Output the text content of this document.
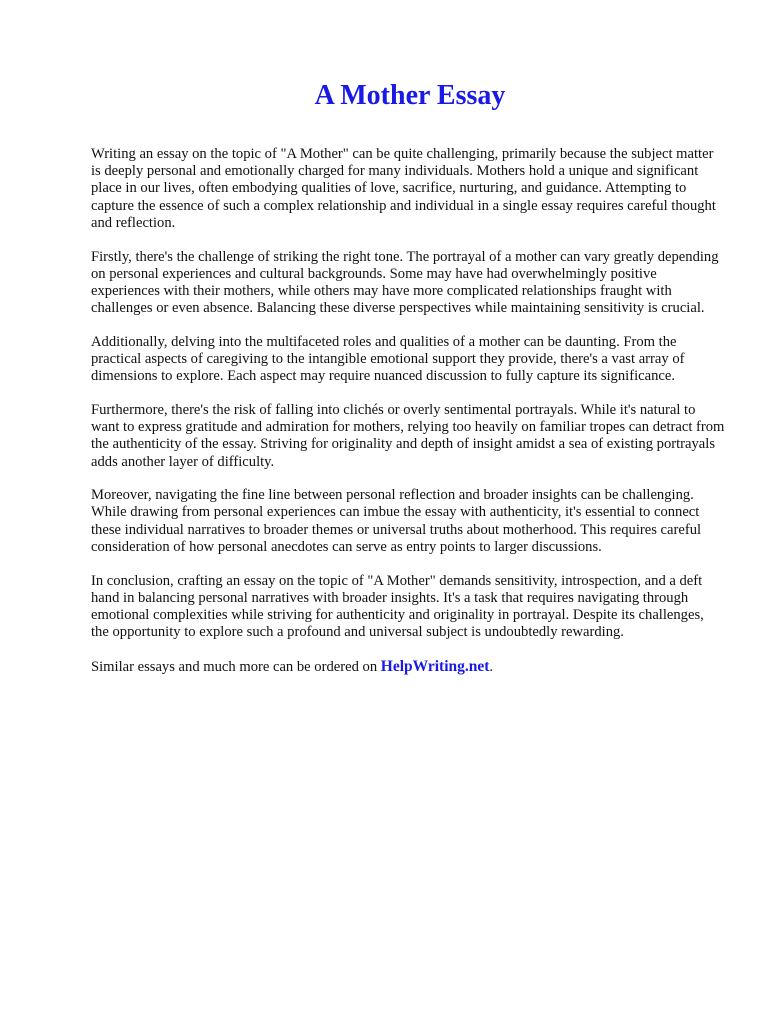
A Mother Essay

Writing an essay on the topic of "A Mother" can be quite challenging, primarily because the subject matter is deeply personal and emotionally charged for many individuals. Mothers hold a unique and significant place in our lives, often embodying qualities of love, sacrifice, nurturing, and guidance. Attempting to capture the essence of such a complex relationship and individual in a single essay requires careful thought and reflection.

Firstly, there's the challenge of striking the right tone. The portrayal of a mother can vary greatly depending on personal experiences and cultural backgrounds. Some may have had overwhelmingly positive experiences with their mothers, while others may have more complicated relationships fraught with challenges or even absence. Balancing these diverse perspectives while maintaining sensitivity is crucial.

Additionally, delving into the multifaceted roles and qualities of a mother can be daunting. From the practical aspects of caregiving to the intangible emotional support they provide, there's a vast array of dimensions to explore. Each aspect may require nuanced discussion to fully capture its significance.

Furthermore, there's the risk of falling into clichés or overly sentimental portrayals. While it's natural to want to express gratitude and admiration for mothers, relying too heavily on familiar tropes can detract from the authenticity of the essay. Striving for originality and depth of insight amidst a sea of existing portrayals adds another layer of difficulty.

Moreover, navigating the fine line between personal reflection and broader insights can be challenging. While drawing from personal experiences can imbue the essay with authenticity, it's essential to connect these individual narratives to broader themes or universal truths about motherhood. This requires careful consideration of how personal anecdotes can serve as entry points to larger discussions.

In conclusion, crafting an essay on the topic of "A Mother" demands sensitivity, introspection, and a deft hand in balancing personal narratives with broader insights. It's a task that requires navigating through emotional complexities while striving for authenticity and originality in portrayal. Despite its challenges, the opportunity to explore such a profound and universal subject is undoubtedly rewarding.

Similar essays and much more can be ordered on HelpWriting.net.
